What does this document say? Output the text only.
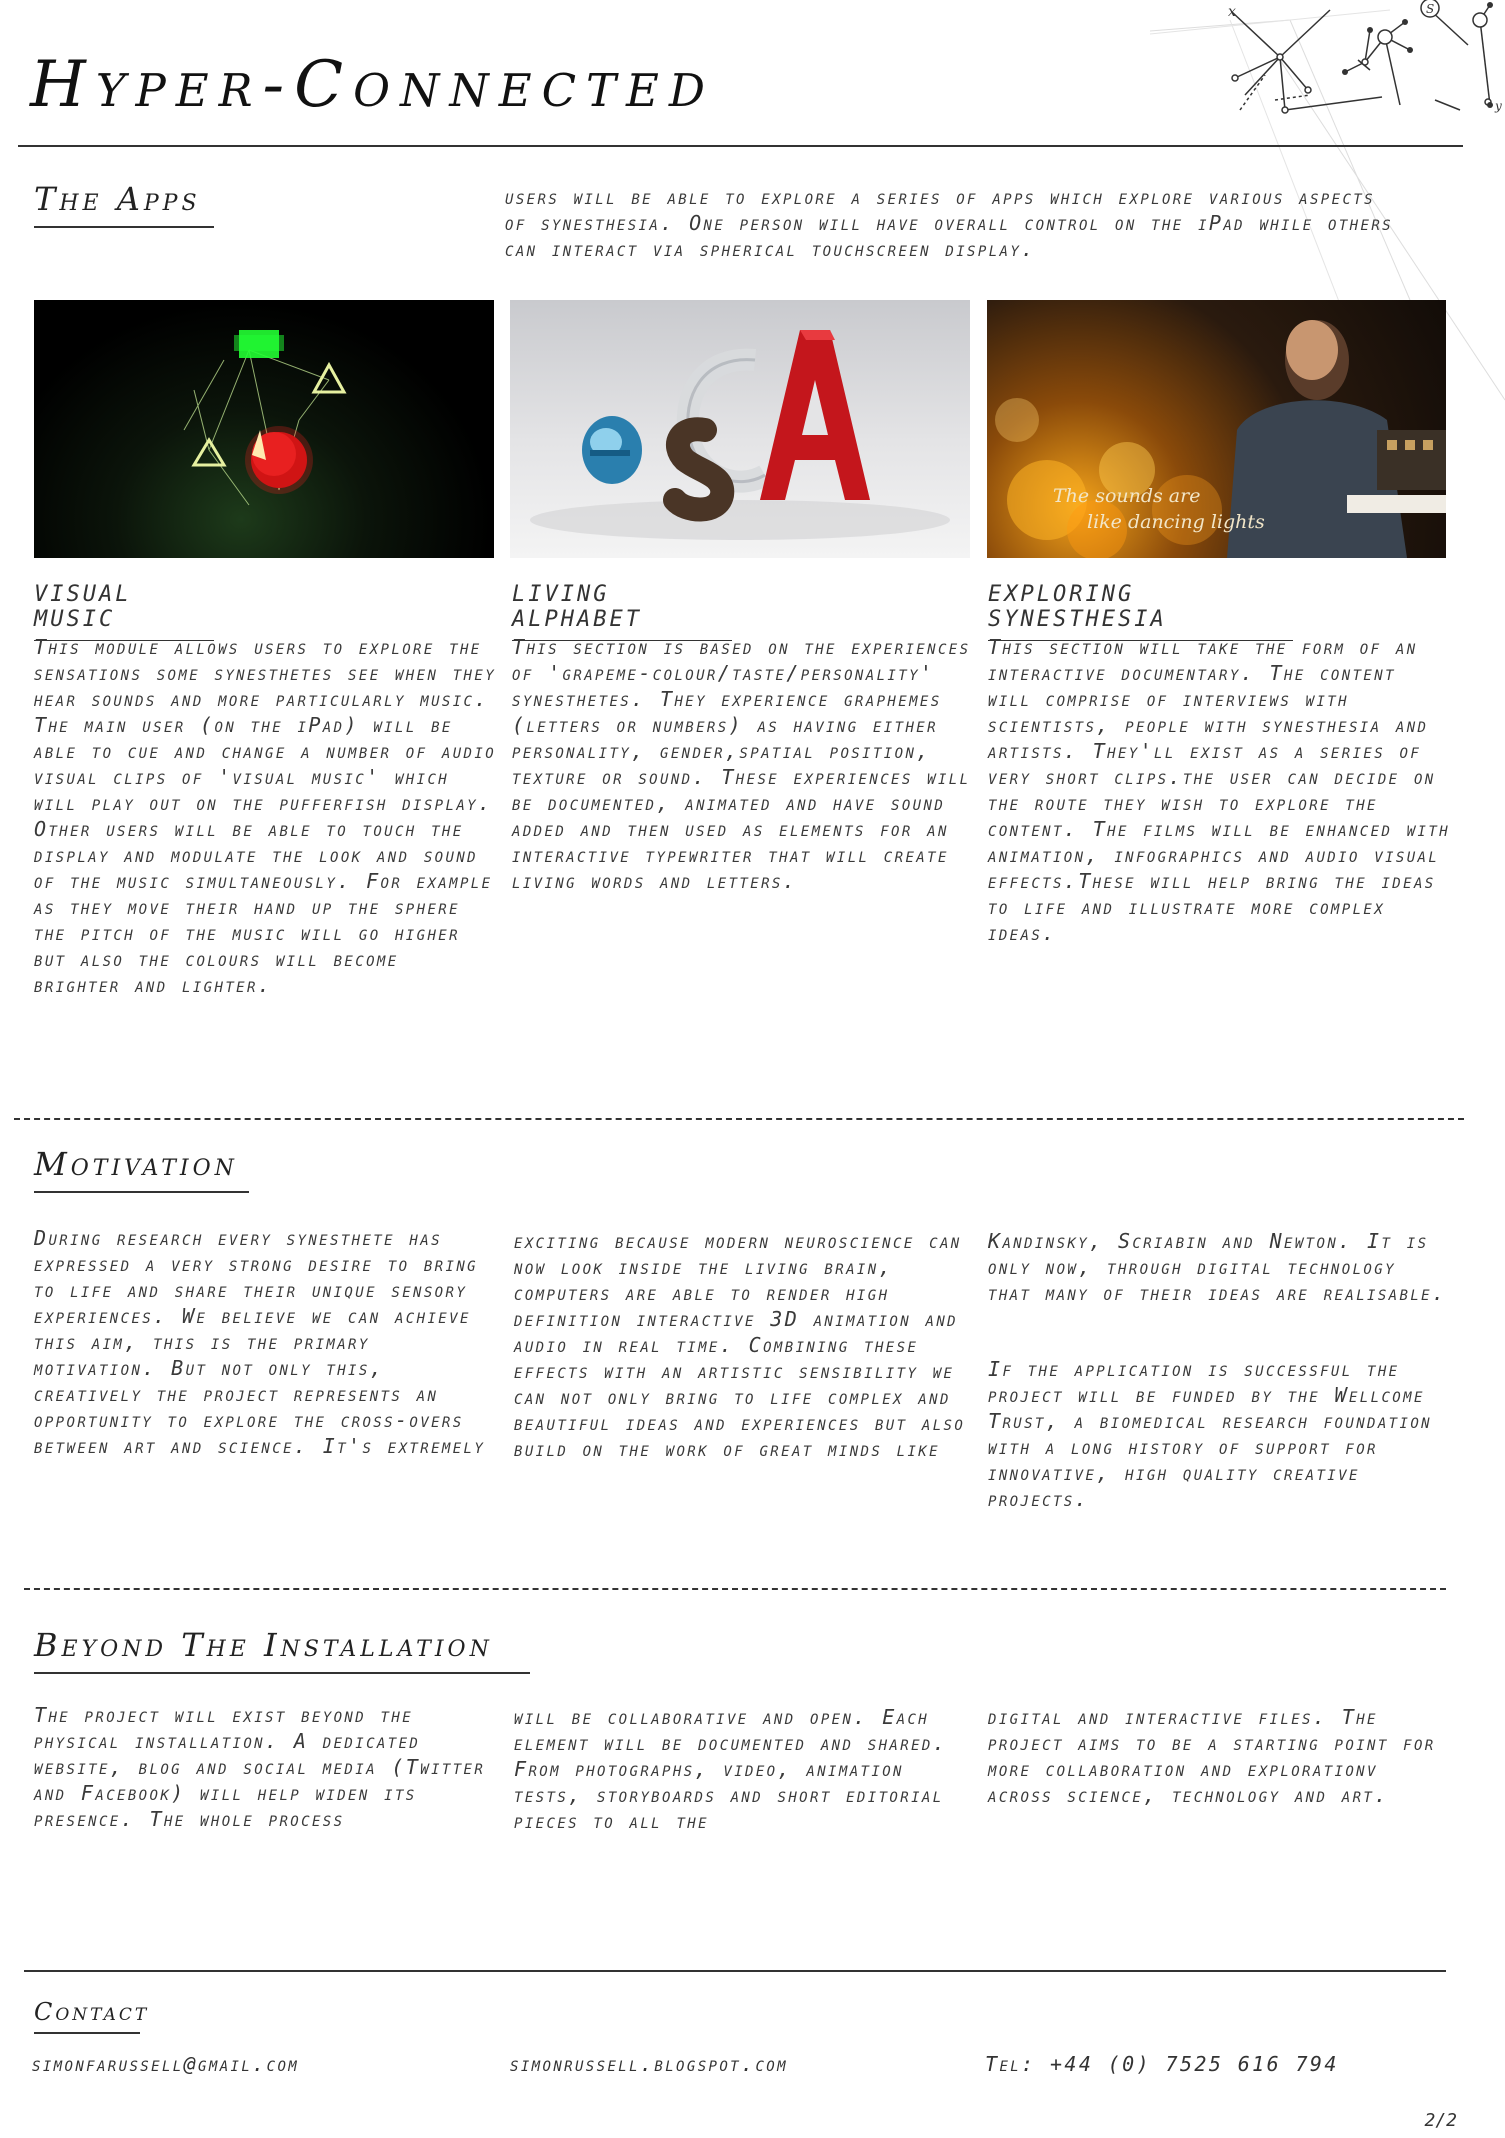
x	S
y
Hyper-Connected
The Apps	users will be able to explore a series of apps which explore various aspects of synesthesia. One person will have overall control on the iPad while others can interact via spherical touchscreen display.

The sounds are
like dancing lights
VISUAL MUSIC

This module allows users to explore the sensations some synesthetes see when they hear sounds and more particularly music. The main user (on the iPad) will be able to cue and change a number of audio visual clips of 'visual music' which will play out on the pufferfish display. Other users will be able to touch the display and modulate the look and sound of the music simultaneously. For example as they move their hand up the sphere the pitch of the music will go higher but also the colours will become brighter and lighter.

LIVING ALPHABET

This section is based on the experiences of 'grapeme-colour/taste/personality' synesthetes. They experience graphemes (letters or numbers) as having either personality, gender,spatial position, texture or sound. These experiences will be documented, animated and have sound added and then used as elements for an interactive typewriter that will create living words and letters.

EXPLORING SYNESTHESIA

This section will take the form of an interactive documentary. The content will comprise of interviews with scientists, people with synesthesia and artists. They'll exist as a series of very short clips.the user can decide on the route they wish to explore the content. The films will be enhanced with animation, infographics and audio visual effects.These will help bring the ideas to life and illustrate more complex ideas.

Motivation

During research every synesthete has expressed a very strong desire to bring to life and share their unique sensory experiences. We believe we can achieve this aim, this is the primary motivation. But not only this, creatively the project represents an opportunity to explore the cross-overs between art and science. It's extremely

exciting because modern neuroscience can now look inside the living brain, computers are able to render high definition interactive 3D animation and audio in real time. Combining these effects with an artistic sensibility we can not only bring to life complex and beautiful ideas and experiences but also build on the work of great minds like

Kandinsky, Scriabin and Newton. It is only now, through digital technology that many of their ideas are realisable.

If the application is successful the project will be funded by the Wellcome Trust, a biomedical research foundation with a long history of support for innovative, high quality creative projects.

Beyond The Installation

The project will exist beyond the physical installation. A dedicated website, blog and social media (Twitter and Facebook) will help widen its presence. The whole process

will be collaborative and open. Each element will be documented and shared. From photographs, video, animation tests, storyboards and short editorial pieces to all the

digital and interactive files. The project aims to be a starting point for more collaboration and explorationv across science, technology and art.

Contact
simonfarussell@gmail.com	simonrussell.blogspot.com	Tel: +44 (0) 7525 616 794
2/2
